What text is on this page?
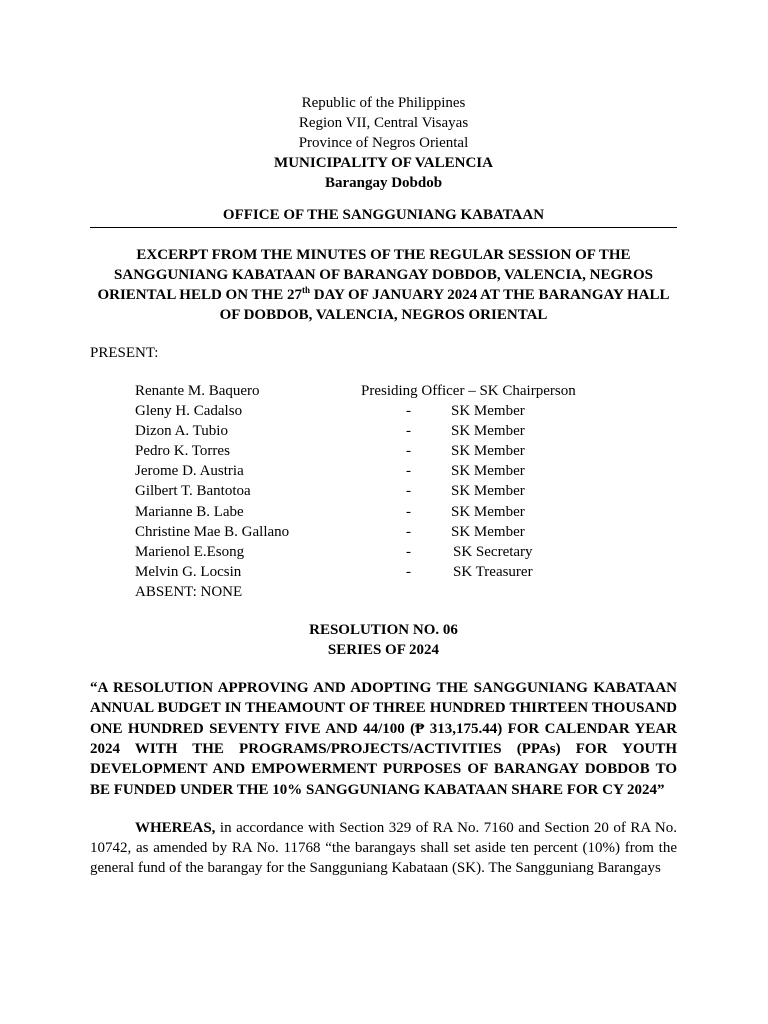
Republic of the Philippines
Region VII, Central Visayas
Province of Negros Oriental
MUNICIPALITY OF VALENCIA
Barangay Dobdob
OFFICE OF THE SANGGUNIANG KABATAAN
EXCERPT FROM THE MINUTES OF THE REGULAR SESSION OF THE SANGGUNIANG KABATAAN OF BARANGAY DOBDOB, VALENCIA, NEGROS ORIENTAL HELD ON THE 27th DAY OF JANUARY 2024 AT THE BARANGAY HALL OF DOBDOB, VALENCIA, NEGROS ORIENTAL
PRESENT:
Renante M. Baquero	Presiding Officer – SK Chairperson
Gleny H. Cadalso	-	SK Member
Dizon A. Tubio	-	SK Member
Pedro K. Torres	-	SK Member
Jerome D. Austria	-	SK Member
Gilbert T. Bantotoa	-	SK Member
Marianne B. Labe	-	SK Member
Christine Mae B. Gallano	-	SK Member
Marienol E.Esong	-	SK Secretary
Melvin G. Locsin	-	SK Treasurer
ABSENT: NONE
RESOLUTION NO. 06
SERIES OF 2024
“A RESOLUTION APPROVING AND ADOPTING THE SANGGUNIANG KABATAAN ANNUAL BUDGET IN THEAMOUNT OF THREE HUNDRED THIRTEEN THOUSAND ONE HUNDRED SEVENTY FIVE AND 44/100 (₱ 313,175.44) FOR CALENDAR YEAR 2024 WITH THE PROGRAMS/PROJECTS/ACTIVITIES (PPAs) FOR YOUTH DEVELOPMENT AND EMPOWERMENT PURPOSES OF BARANGAY DOBDOB TO BE FUNDED UNDER THE 10% SANGGUNIANG KABATAAN SHARE FOR CY 2024”
WHEREAS, in accordance with Section 329 of RA No. 7160 and Section 20 of RA No. 10742, as amended by RA No. 11768 “the barangays shall set aside ten percent (10%) from the general fund of the barangay for the Sangguniang Kabataan (SK). The Sangguniang Barangays
